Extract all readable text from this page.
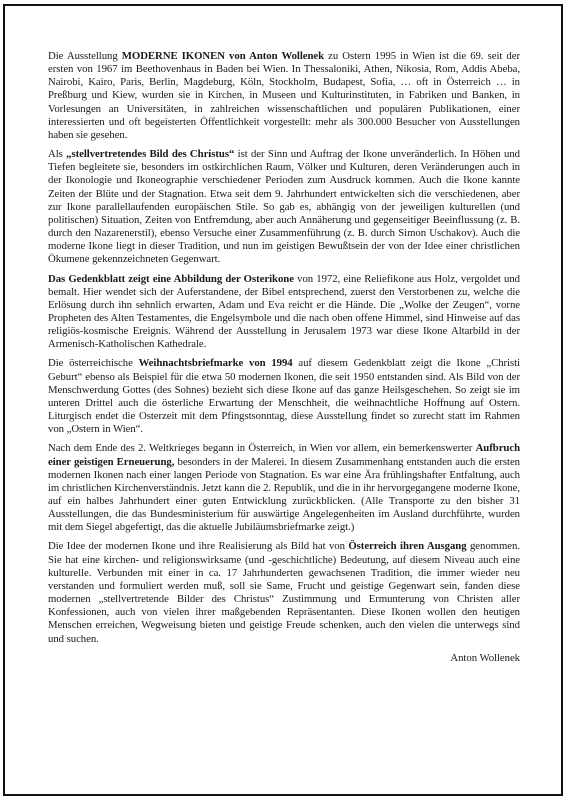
Die Ausstellung MODERNE IKONEN von Anton Wollenek zu Ostern 1995 in Wien ist die 69. seit der ersten von 1967 im Beethovenhaus in Baden bei Wien. In Thessaloniki, Athen, Nikosia, Rom, Addis Abeba, Nairobi, Kairo, Paris, Berlin, Magdeburg, Köln, Stockholm, Budapest, Sofia, … oft in Österreich … in Preßburg und Kiew, wurden sie in Kirchen, in Museen und Kulturinstituten, in Fabriken und Banken, in Vorlesungen an Universitäten, in zahlreichen wissenschaftlichen und populären Publikationen, einer interessierten und oft begeisterten Öffentlichkeit vorgestellt: mehr als 300.000 Besucher von Ausstellungen haben sie gesehen.

Als „stellvertretendes Bild des Christus“ ist der Sinn und Auftrag der Ikone unveränderlich. In Höhen und Tiefen begleitete sie, besonders im ostkirchlichen Raum, Völker und Kulturen, deren Veränderungen auch in der Ikonologie und Ikoneographie verschiedener Perioden zum Ausdruck kommen. Auch die Ikone kannte Zeiten der Blüte und der Stagnation. Etwa seit dem 9. Jahrhundert entwickelten sich die verschiedenen, aber zur Ikone parallellaufenden europäischen Stile. So gab es, abhängig von der jeweiligen kulturellen (und politischen) Situation, Zeiten von Entfremdung, aber auch Annäherung und gegenseitiger Beeinflussung (z. B. durch den Nazarenerstil), ebenso Versuche einer Zusammenführung (z. B. durch Simon Uschakov). Auch die moderne Ikone liegt in dieser Tradition, und nun im geistigen Bewußtsein der von der Idee einer christlichen Ökumene gekennzeichneten Gegenwart.

Das Gedenkblatt zeigt eine Abbildung der Osterikone von 1972, eine Reliefikone aus Holz, vergoldet und bemalt. Hier wendet sich der Auferstandene, der Bibel entsprechend, zuerst den Verstorbenen zu, welche die Erlösung durch ihn sehnlich erwarten, Adam und Eva reicht er die Hände. Die „Wolke der Zeugen“, vorne Propheten des Alten Testamentes, die Engelsymbole und die nach oben offene Himmel, sind Hinweise auf das religiös-kosmische Ereignis. Während der Ausstellung in Jerusalem 1973 war diese Ikone Altarbild in der Armenisch-Katholischen Kathedrale.

Die österreichische Weihnachtsbriefmarke von 1994 auf diesem Gedenkblatt zeigt die Ikone „Christi Geburt“ ebenso als Beispiel für die etwa 50 modernen Ikonen, die seit 1950 entstanden sind. Als Bild von der Menschwerdung Gottes (des Sohnes) bezieht sich diese Ikone auf das ganze Heilsgeschehen. So zeigt sie im unteren Drittel auch die österliche Erwartung der Menschheit, die weihnachtliche Hoffnung auf Ostern. Liturgisch endet die Osterzeit mit dem Pfingstsonntag, diese Ausstellung findet so zurecht statt im Rahmen von „Ostern in Wien“.

Nach dem Ende des 2. Weltkrieges begann in Österreich, in Wien vor allem, ein bemerkenswerter Aufbruch einer geistigen Erneuerung, besonders in der Malerei. In diesem Zusammenhang entstanden auch die ersten modernen Ikonen nach einer langen Periode von Stagnation. Es war eine Ära frühlingshafter Entfaltung, auch im christlichen Kirchenverständnis. Jetzt kann die 2. Republik, und die in ihr hervorgegangene moderne Ikone, auf ein halbes Jahrhundert einer guten Entwicklung zurückblicken. (Alle Transporte zu den bisher 31 Ausstellungen, die das Bundesministerium für auswärtige Angelegenheiten im Ausland durchführte, wurden mit dem Siegel abgefertigt, das die aktuelle Jubiläumsbriefmarke zeigt.)

Die Idee der modernen Ikone und ihre Realisierung als Bild hat von Österreich ihren Ausgang genommen. Sie hat eine kirchen- und religionswirksame (und -geschichtliche) Bedeutung, auf diesem Niveau auch eine kulturelle. Verbunden mit einer in ca. 17 Jahrhunderten gewachsenen Tradition, die immer wieder neu verstanden und formuliert werden muß, soll sie Same, Frucht und geistige Gegenwart sein, fanden diese modernen „stellvertretende Bilder des Christus“ Zustimmung und Ermunterung von Christen aller Konfessionen, auch von vielen ihrer maßgebenden Repräsentanten. Diese Ikonen wollen den heutigen Menschen erreichen, Wegweisung bieten und geistige Freude schenken, auch den vielen die unterwegs sind und suchen.

Anton Wollenek
